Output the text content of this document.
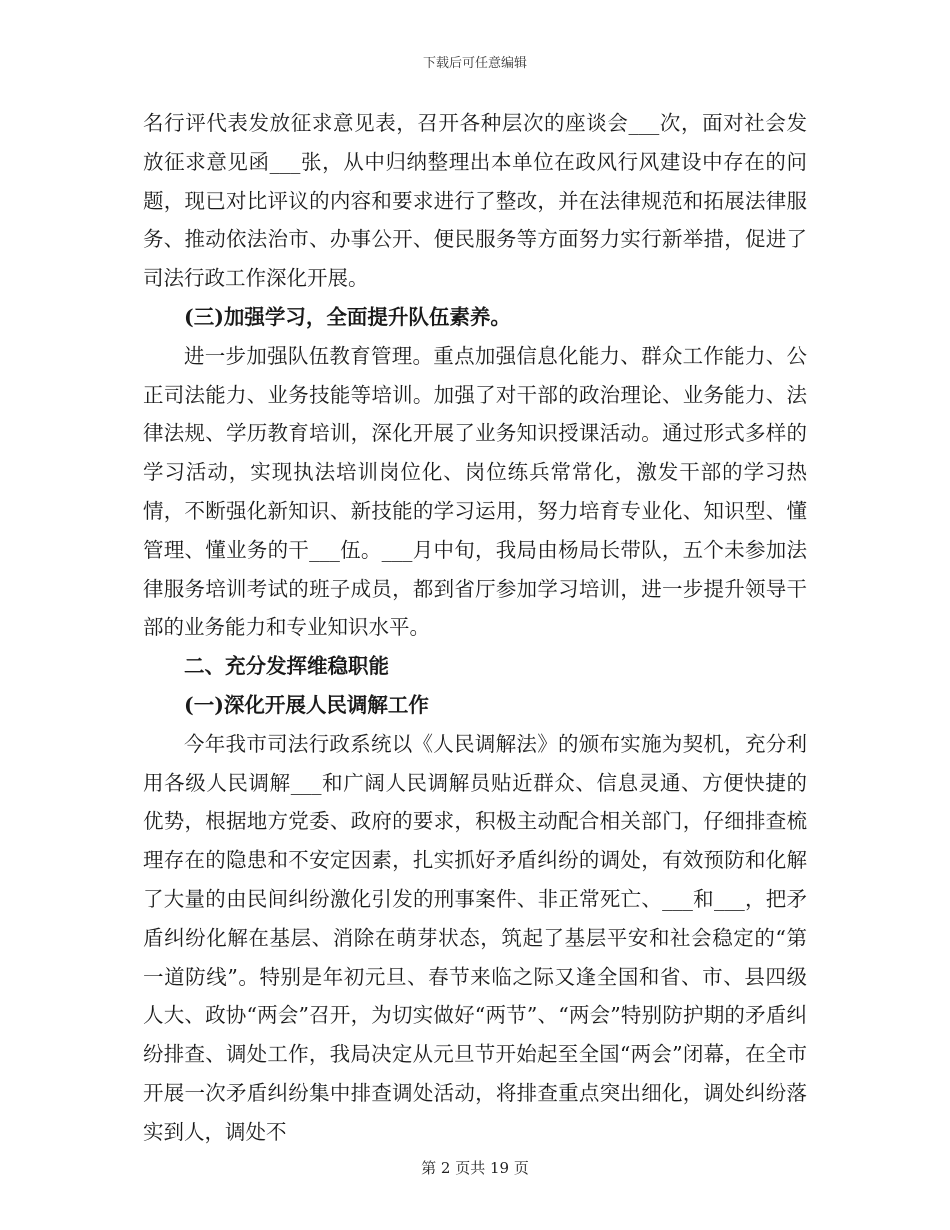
下载后可任意编辑

名行评代表发放征求意见表，召开各种层次的座谈会___次，面对社会发放征求意见函___张，从中归纳整理出本单位在政风行风建设中存在的问题，现已对比评议的内容和要求进行了整改，并在法律规范和拓展法律服务、推动依法治市、办事公开、便民服务等方面努力实行新举措，促进了司法行政工作深化开展。

(三)加强学习，全面提升队伍素养。

进一步加强队伍教育管理。重点加强信息化能力、群众工作能力、公正司法能力、业务技能等培训。加强了对干部的政治理论、业务能力、法律法规、学历教育培训，深化开展了业务知识授课活动。通过形式多样的学习活动，实现执法培训岗位化、岗位练兵常常化，激发干部的学习热情，不断强化新知识、新技能的学习运用，努力培育专业化、知识型、懂管理、懂业务的干___伍。___月中旬，我局由杨局长带队，五个未参加法律服务培训考试的班子成员，都到省厅参加学习培训，进一步提升领导干部的业务能力和专业知识水平。

二、充分发挥维稳职能

(一)深化开展人民调解工作

今年我市司法行政系统以《人民调解法》的颁布实施为契机，充分利用各级人民调解___和广阔人民调解员贴近群众、信息灵通、方便快捷的优势，根据地方党委、政府的要求，积极主动配合相关部门，仔细排查梳理存在的隐患和不安定因素，扎实抓好矛盾纠纷的调处，有效预防和化解了大量的由民间纠纷激化引发的刑事案件、非正常死亡、___和___，把矛盾纠纷化解在基层、消除在萌芽状态，筑起了基层平安和社会稳定的“第一道防线”。特别是年初元旦、春节来临之际又逢全国和省、市、县四级人大、政协“两会”召开，为切实做好“两节”、“两会”特别防护期的矛盾纠纷排查、调处工作，我局决定从元旦节开始起至全国“两会”闭幕，在全市开展一次矛盾纠纷集中排查调处活动，将排查重点突出细化，调处纠纷落实到人，调处不

第 2 页共 19 页
